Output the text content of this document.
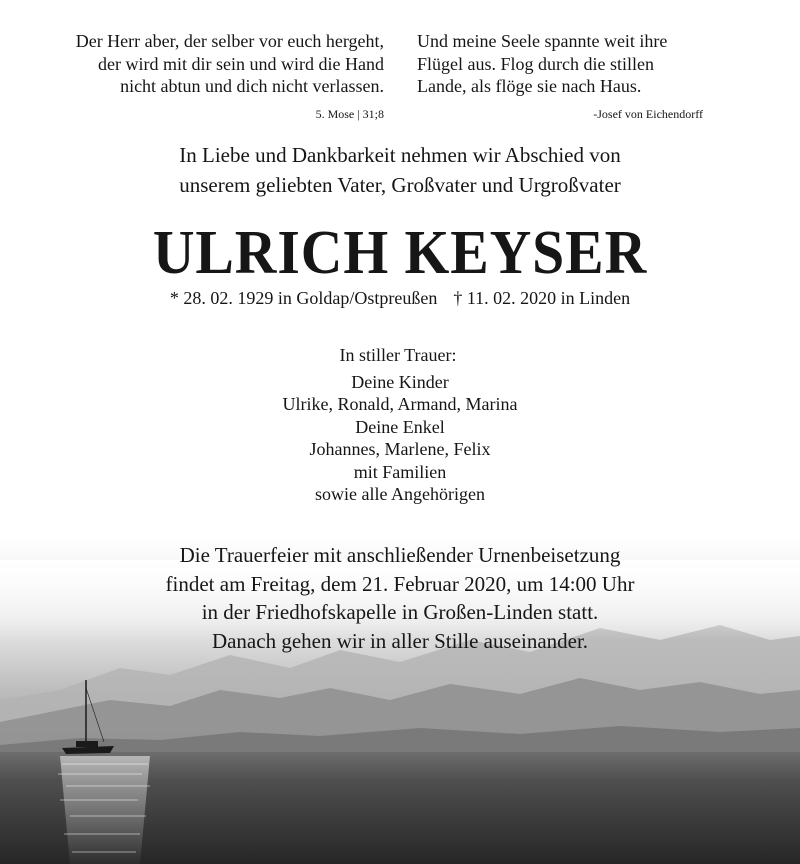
Der Herr aber, der selber vor euch hergeht,
der wird mit dir sein und wird die Hand
nicht abtun und dich nicht verlassen.
5. Mose | 31;8
Und meine Seele spannte weit ihre
Flügel aus. Flog durch die stillen
Lande, als flöge sie nach Haus.
-Josef von Eichendorff
In Liebe und Dankbarkeit nehmen wir Abschied von
unserem geliebten Vater, Großvater und Urgroßvater
ULRICH KEYSER
* 28. 02. 1929 in Goldap/Ostpreußen † 11. 02. 2020 in Linden
In stiller Trauer:
Deine Kinder
Ulrike, Ronald, Armand, Marina
Deine Enkel
Johannes, Marlene, Felix
mit Familien
sowie alle Angehörigen
Die Trauerfeier mit anschließender Urnenbeisetzung
findet am Freitag, dem 21. Februar 2020, um 14:00 Uhr
in der Friedhofskapelle in Großen-Linden statt.
Danach gehen wir in aller Stille auseinander.
